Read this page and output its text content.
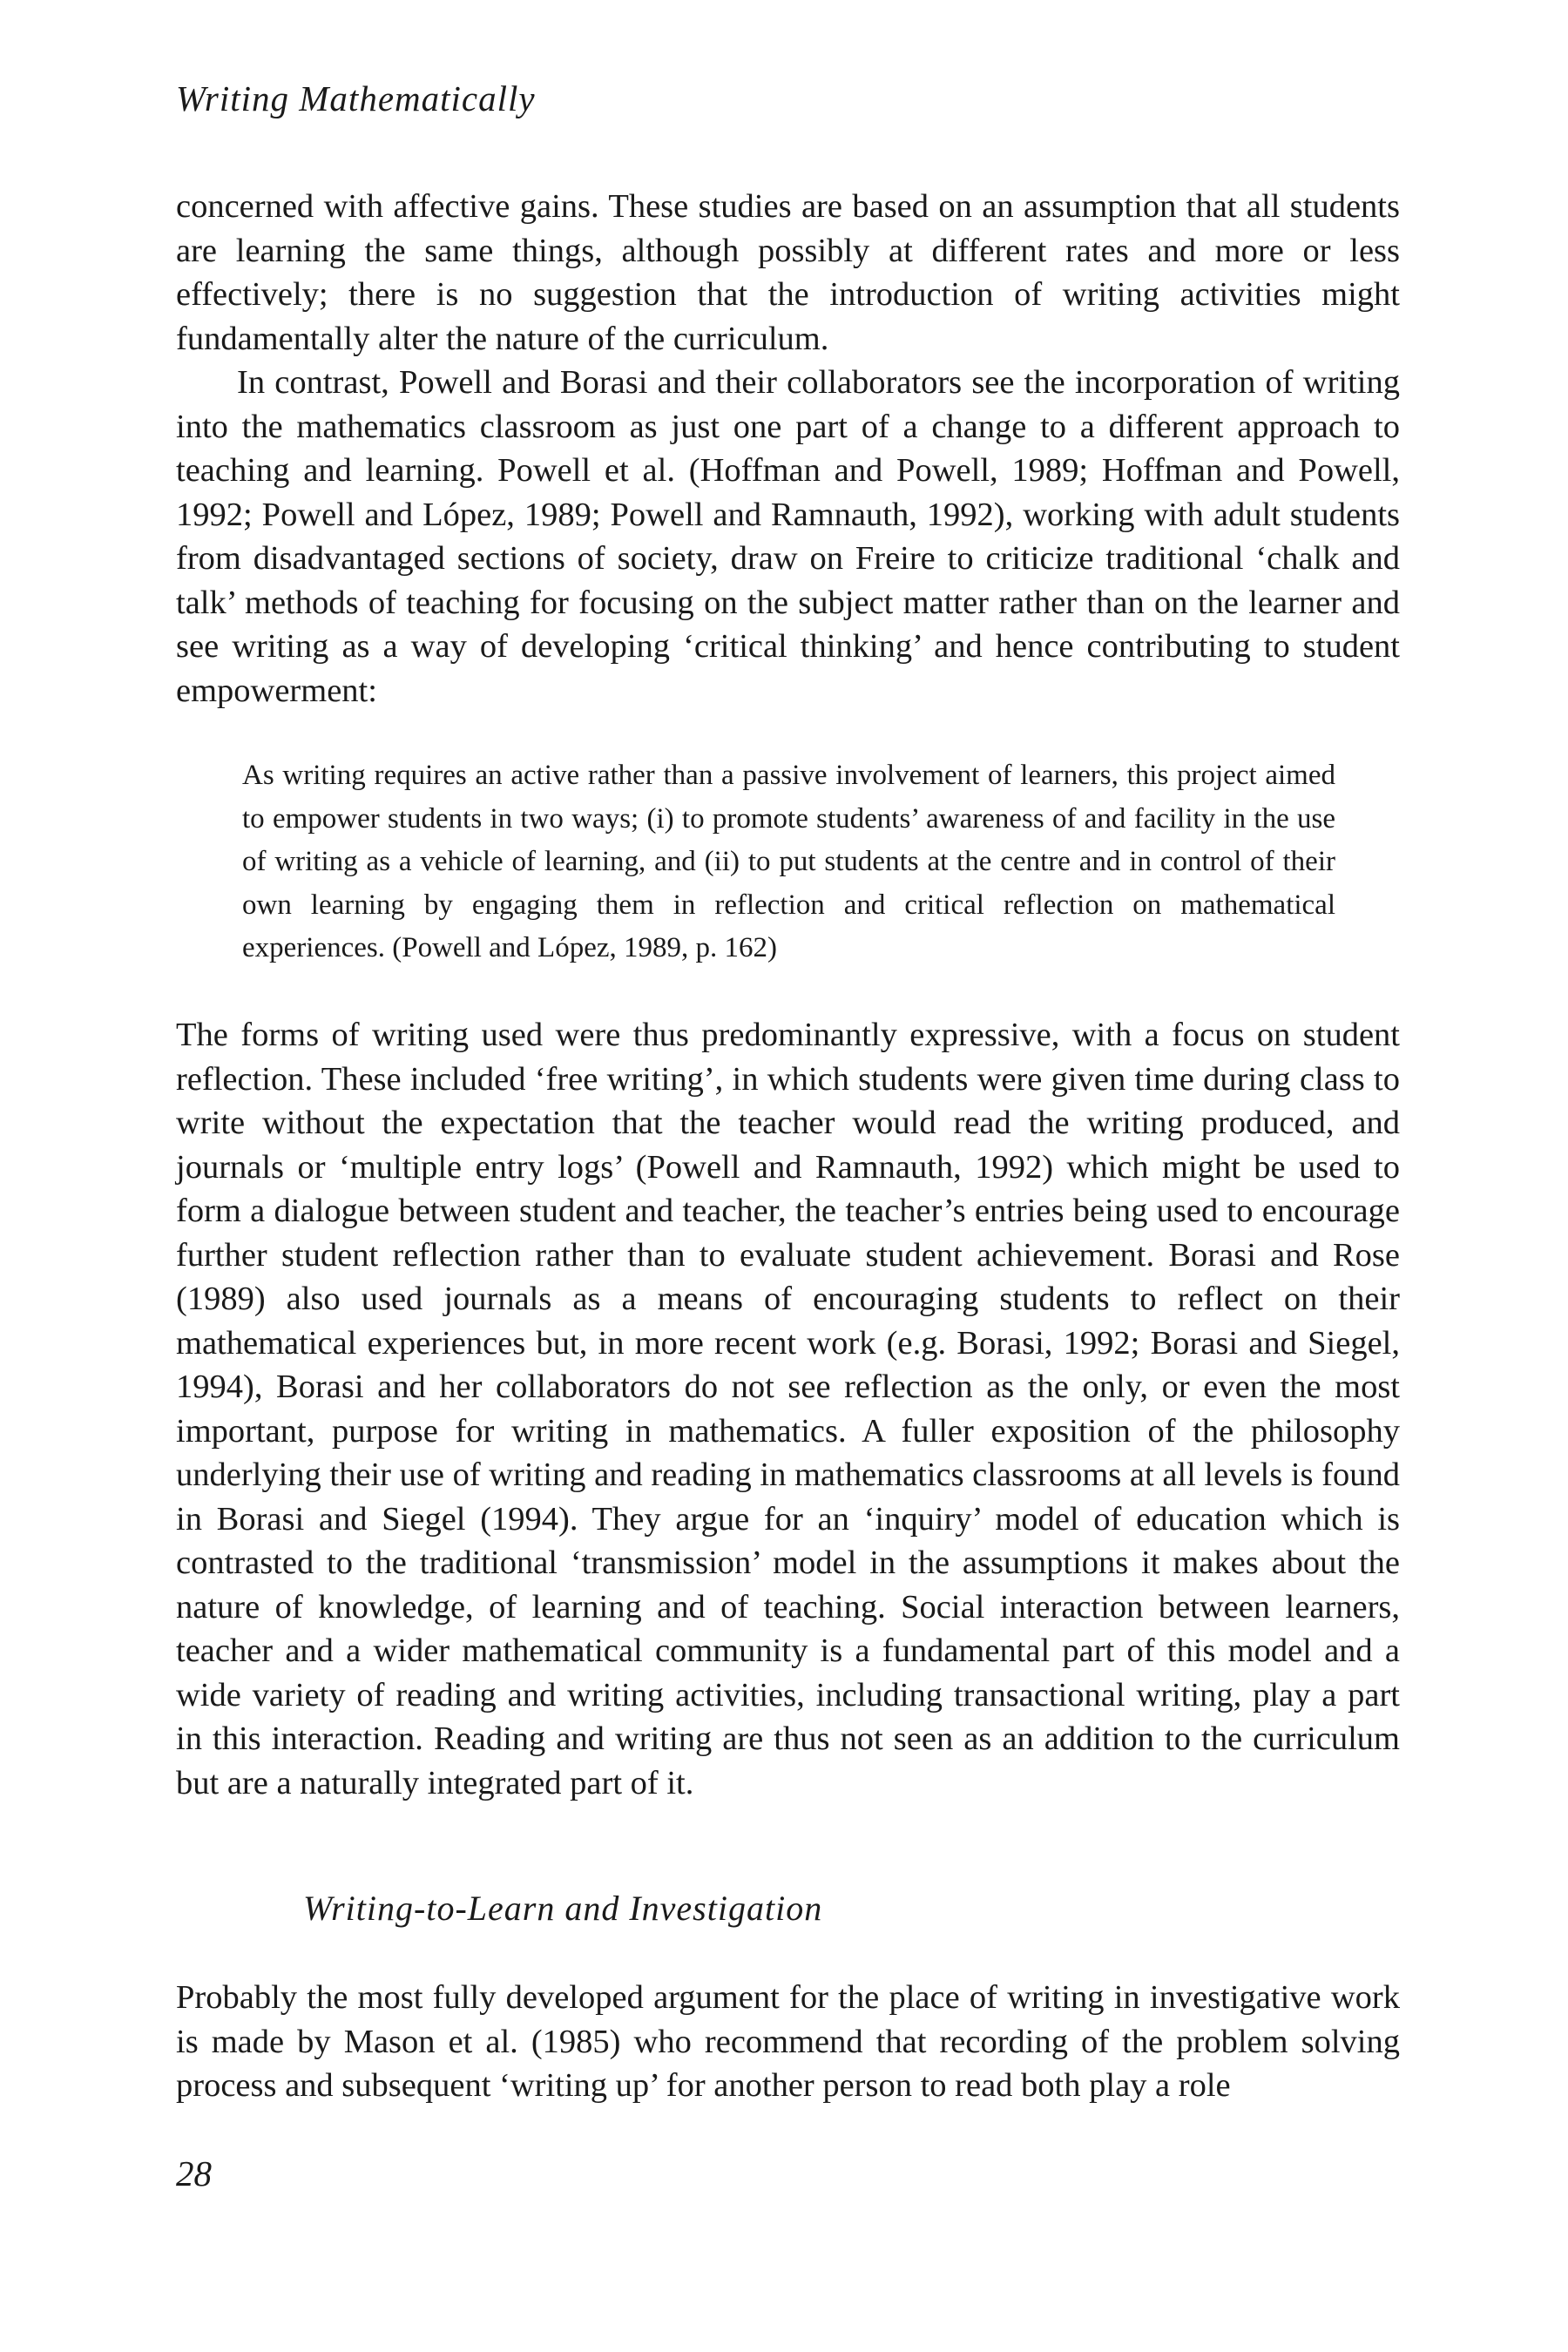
Writing Mathematically

concerned with affective gains. These studies are based on an assumption that all students are learning the same things, although possibly at different rates and more or less effectively; there is no suggestion that the introduction of writing activities might fundamentally alter the nature of the curriculum.

In contrast, Powell and Borasi and their collaborators see the incorporation of writing into the mathematics classroom as just one part of a change to a different approach to teaching and learning. Powell et al. (Hoffman and Powell, 1989; Hoffman and Powell, 1992; Powell and López, 1989; Powell and Ramnauth, 1992), working with adult students from disadvantaged sections of society, draw on Freire to criticize traditional ‘chalk and talk’ methods of teaching for focusing on the subject matter rather than on the learner and see writing as a way of developing ‘critical thinking’ and hence contributing to student empowerment:

As writing requires an active rather than a passive involvement of learners, this project aimed to empower students in two ways; (i) to promote students’ awareness of and facility in the use of writing as a vehicle of learning, and (ii) to put students at the centre and in control of their own learning by engaging them in reflection and critical reflection on mathematical experiences. (Powell and López, 1989, p. 162)

The forms of writing used were thus predominantly expressive, with a focus on student reflection. These included ‘free writing’, in which students were given time during class to write without the expectation that the teacher would read the writing produced, and journals or ‘multiple entry logs’ (Powell and Ramnauth, 1992) which might be used to form a dialogue between student and teacher, the teacher’s entries being used to encourage further student reflection rather than to evaluate student achievement. Borasi and Rose (1989) also used journals as a means of encouraging students to reflect on their mathematical experiences but, in more recent work (e.g. Borasi, 1992; Borasi and Siegel, 1994), Borasi and her collaborators do not see reflection as the only, or even the most important, purpose for writing in mathematics. A fuller exposition of the philosophy underlying their use of writing and reading in mathematics classrooms at all levels is found in Borasi and Siegel (1994). They argue for an ‘inquiry’ model of education which is contrasted to the traditional ‘transmission’ model in the assumptions it makes about the nature of knowledge, of learning and of teaching. Social interaction between learners, teacher and a wider mathematical community is a fundamental part of this model and a wide variety of reading and writing activities, including transactional writing, play a part in this interaction. Reading and writing are thus not seen as an addition to the curriculum but are a naturally integrated part of it.

Writing-to-Learn and Investigation

Probably the most fully developed argument for the place of writing in investigative work is made by Mason et al. (1985) who recommend that recording of the problem solving process and subsequent ‘writing up’ for another person to read both play a role

28
